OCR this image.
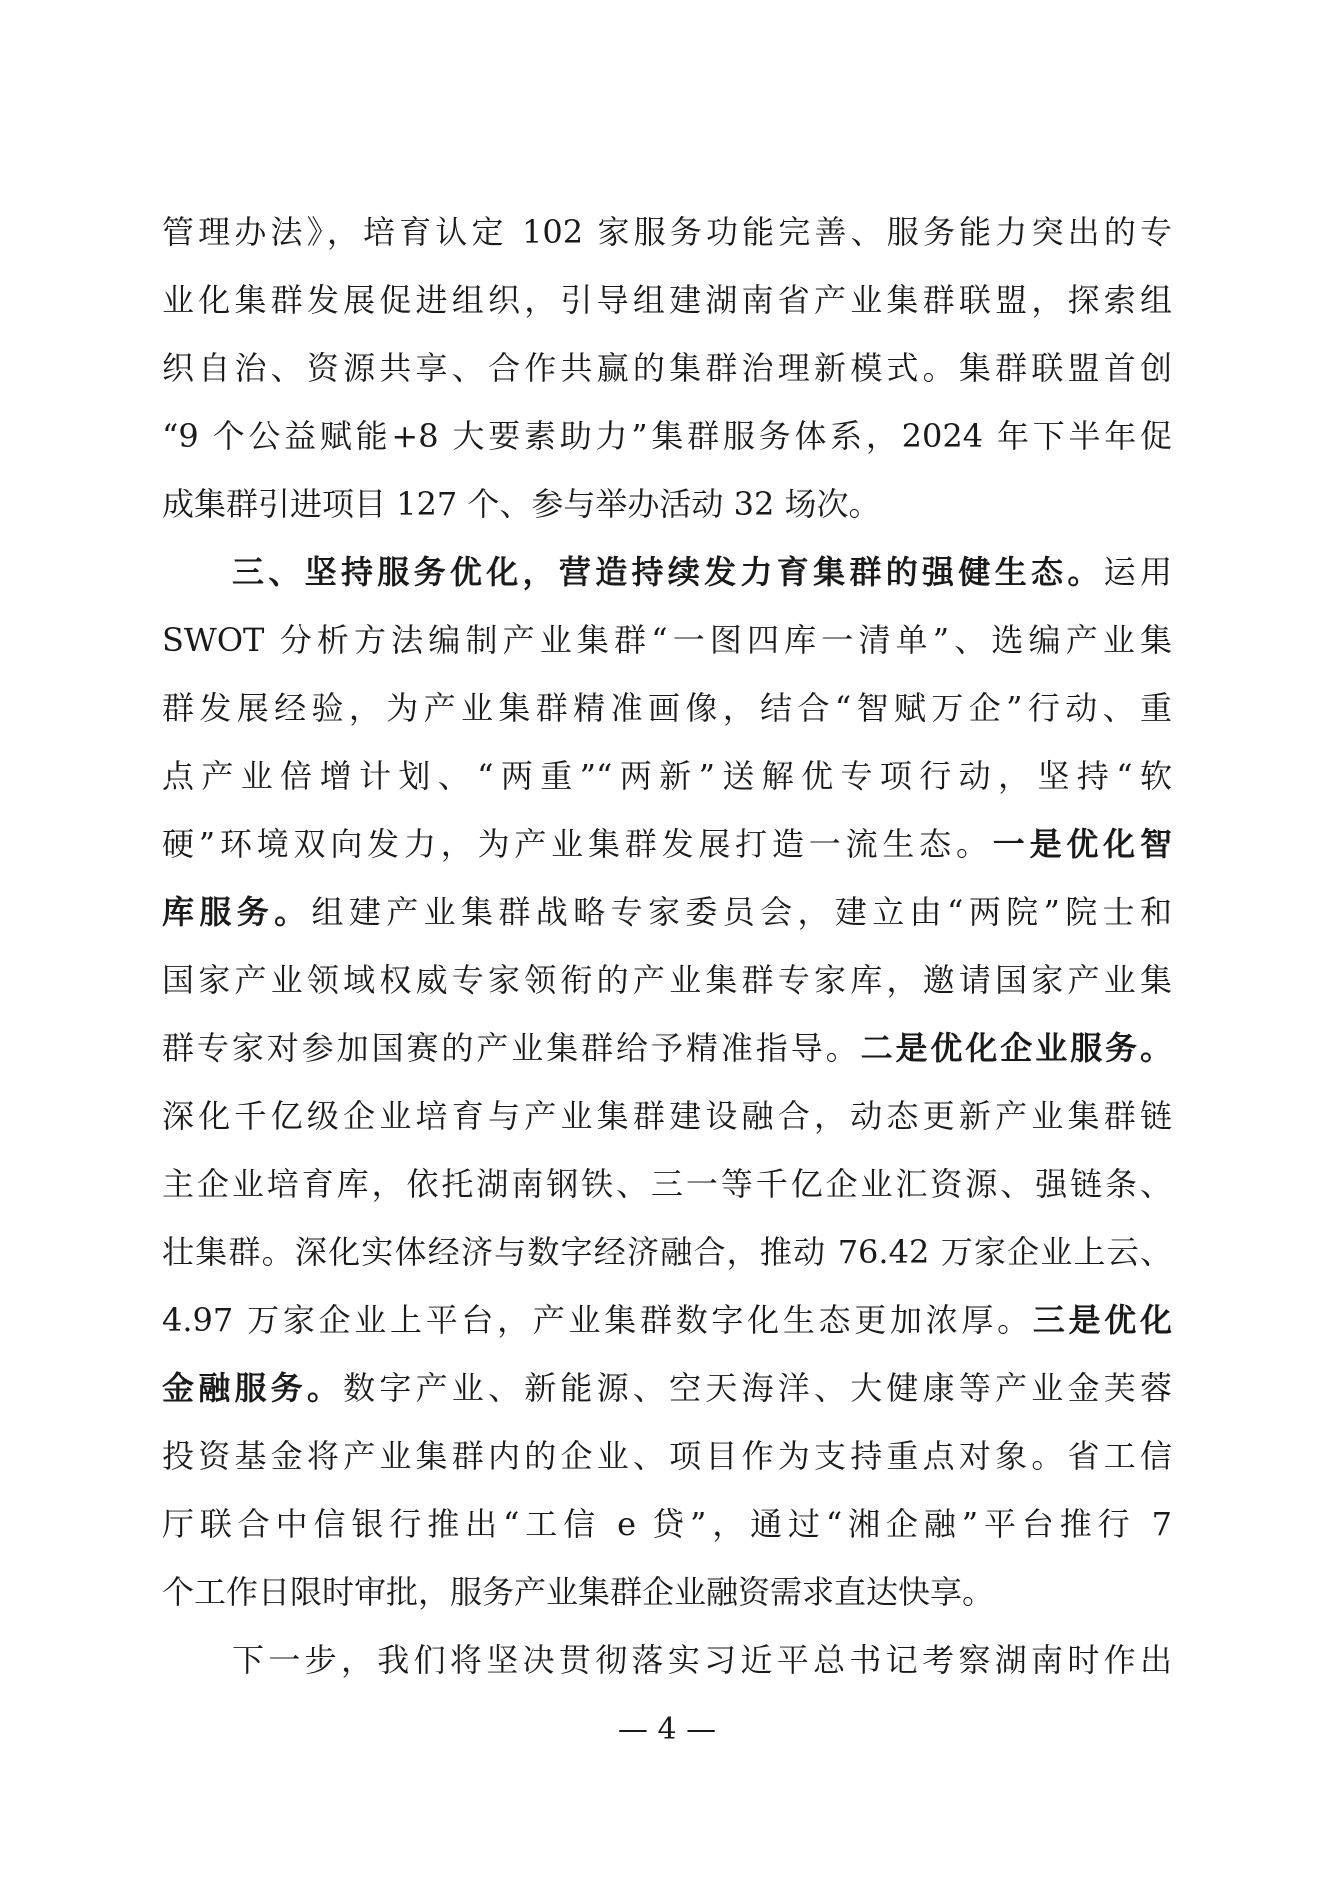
管理办法》，培育认定 102 家服务功能完善、服务能力突出的专
业化集群发展促进组织，引导组建湖南省产业集群联盟，探索组
织自治、资源共享、合作共赢的集群治理新模式。集群联盟首创
“9 个公益赋能+8 大要素助力”集群服务体系，2024 年下半年促
成集群引进项目 127 个、参与举办活动 32 场次。
三、坚持服务优化，营造持续发力育集群的强健生态。运用
SWOT 分析方法编制产业集群“一图四库一清单”、选编产业集
群发展经验，为产业集群精准画像，结合“智赋万企”行动、重
点产业倍增计划、“两重”“两新”送解优专项行动，坚持“软
硬”环境双向发力，为产业集群发展打造一流生态。一是优化智
库服务。组建产业集群战略专家委员会，建立由“两院”院士和
国家产业领域权威专家领衔的产业集群专家库，邀请国家产业集
群专家对参加国赛的产业集群给予精准指导。二是优化企业服务。
深化千亿级企业培育与产业集群建设融合，动态更新产业集群链
主企业培育库，依托湖南钢铁、三一等千亿企业汇资源、强链条、
壮集群。深化实体经济与数字经济融合，推动 76.42 万家企业上云、
4.97 万家企业上平台，产业集群数字化生态更加浓厚。三是优化
金融服务。数字产业、新能源、空天海洋、大健康等产业金芙蓉
投资基金将产业集群内的企业、项目作为支持重点对象。省工信
厅联合中信银行推出“工信 e 贷”，通过“湘企融”平台推行 7
个工作日限时审批，服务产业集群企业融资需求直达快享。
下一步，我们将坚决贯彻落实习近平总书记考察湖南时作出
— 4 —
